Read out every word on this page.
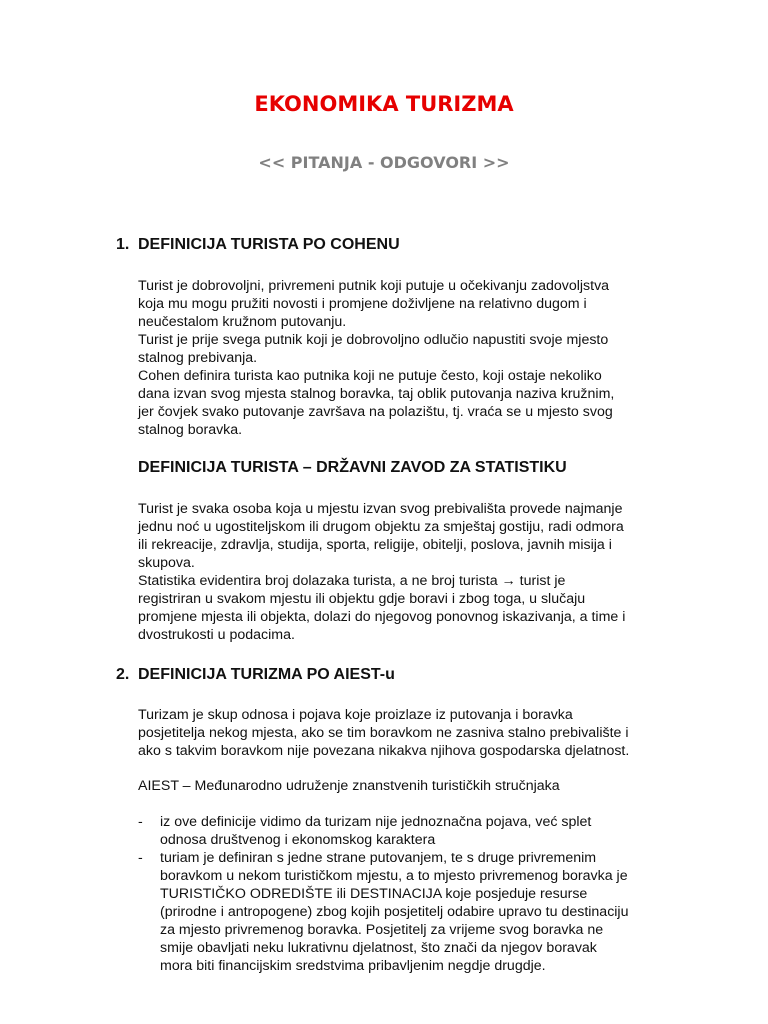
EKONOMIKA TURIZMA
<< PITANJA - ODGOVORI >>
1. DEFINICIJA TURISTA PO COHENU
Turist je dobrovoljni, privremeni putnik koji putuje u očekivanju zadovoljstva
koja mu mogu pružiti novosti i promjene doživljene na relativno dugom i
neučestalom kružnom putovanju.
Turist je prije svega putnik koji je dobrovoljno odlučio napustiti svoje mjesto
stalnog prebivanja.
Cohen definira turista kao putnika koji ne putuje često, koji ostaje nekoliko
dana izvan svog mjesta stalnog boravka, taj oblik putovanja naziva kružnim,
jer čovjek svako putovanje završava na polazištu, tj. vraća se u mjesto svog
stalnog boravka.
DEFINICIJA TURISTA – DRŽAVNI ZAVOD ZA STATISTIKU
Turist je svaka osoba koja u mjestu izvan svog prebivališta provede najmanje
jednu noć u ugostiteljskom ili drugom objektu za smještaj gostiju, radi odmora
ili rekreacije, zdravlja, studija, sporta, religije, obitelji, poslova, javnih misija i
skupova.
Statistika evidentira broj dolazaka turista, a ne broj turista → turist je
registriran u svakom mjestu ili objektu gdje boravi i zbog toga, u slučaju
promjene mjesta ili objekta, dolazi do njegovog ponovnog iskazivanja, a time i
dvostrukosti u podacima.
2. DEFINICIJA TURIZMA PO AIEST-u
Turizam je skup odnosa i pojava koje proizlaze iz putovanja i boravka
posjetitelja nekog mjesta, ako se tim boravkom ne zasniva stalno prebivalište i
ako s takvim boravkom nije povezana nikakva njihova gospodarska djelatnost.
AIEST – Međunarodno udruženje znanstvenih turističkih stručnjaka
-	iz ove definicije vidimo da turizam nije jednoznačna pojava, već splet
odnosa društvenog i ekonomskog karaktera
-	turiam je definiran s jedne strane putovanjem, te s druge privremenim
boravkom u nekom turističkom mjestu, a to mjesto privremenog boravka je
TURISTIČKO ODREDIŠTE ili DESTINACIJA koje posjeduje resurse
(prirodne i antropogene) zbog kojih posjetitelj odabire upravo tu destinaciju
za mjesto privremenog boravka. Posjetitelj za vrijeme svog boravka ne
smije obavljati neku lukrativnu djelatnost, što znači da njegov boravak
mora biti financijskim sredstvima pribavljenim negdje drugdje.
